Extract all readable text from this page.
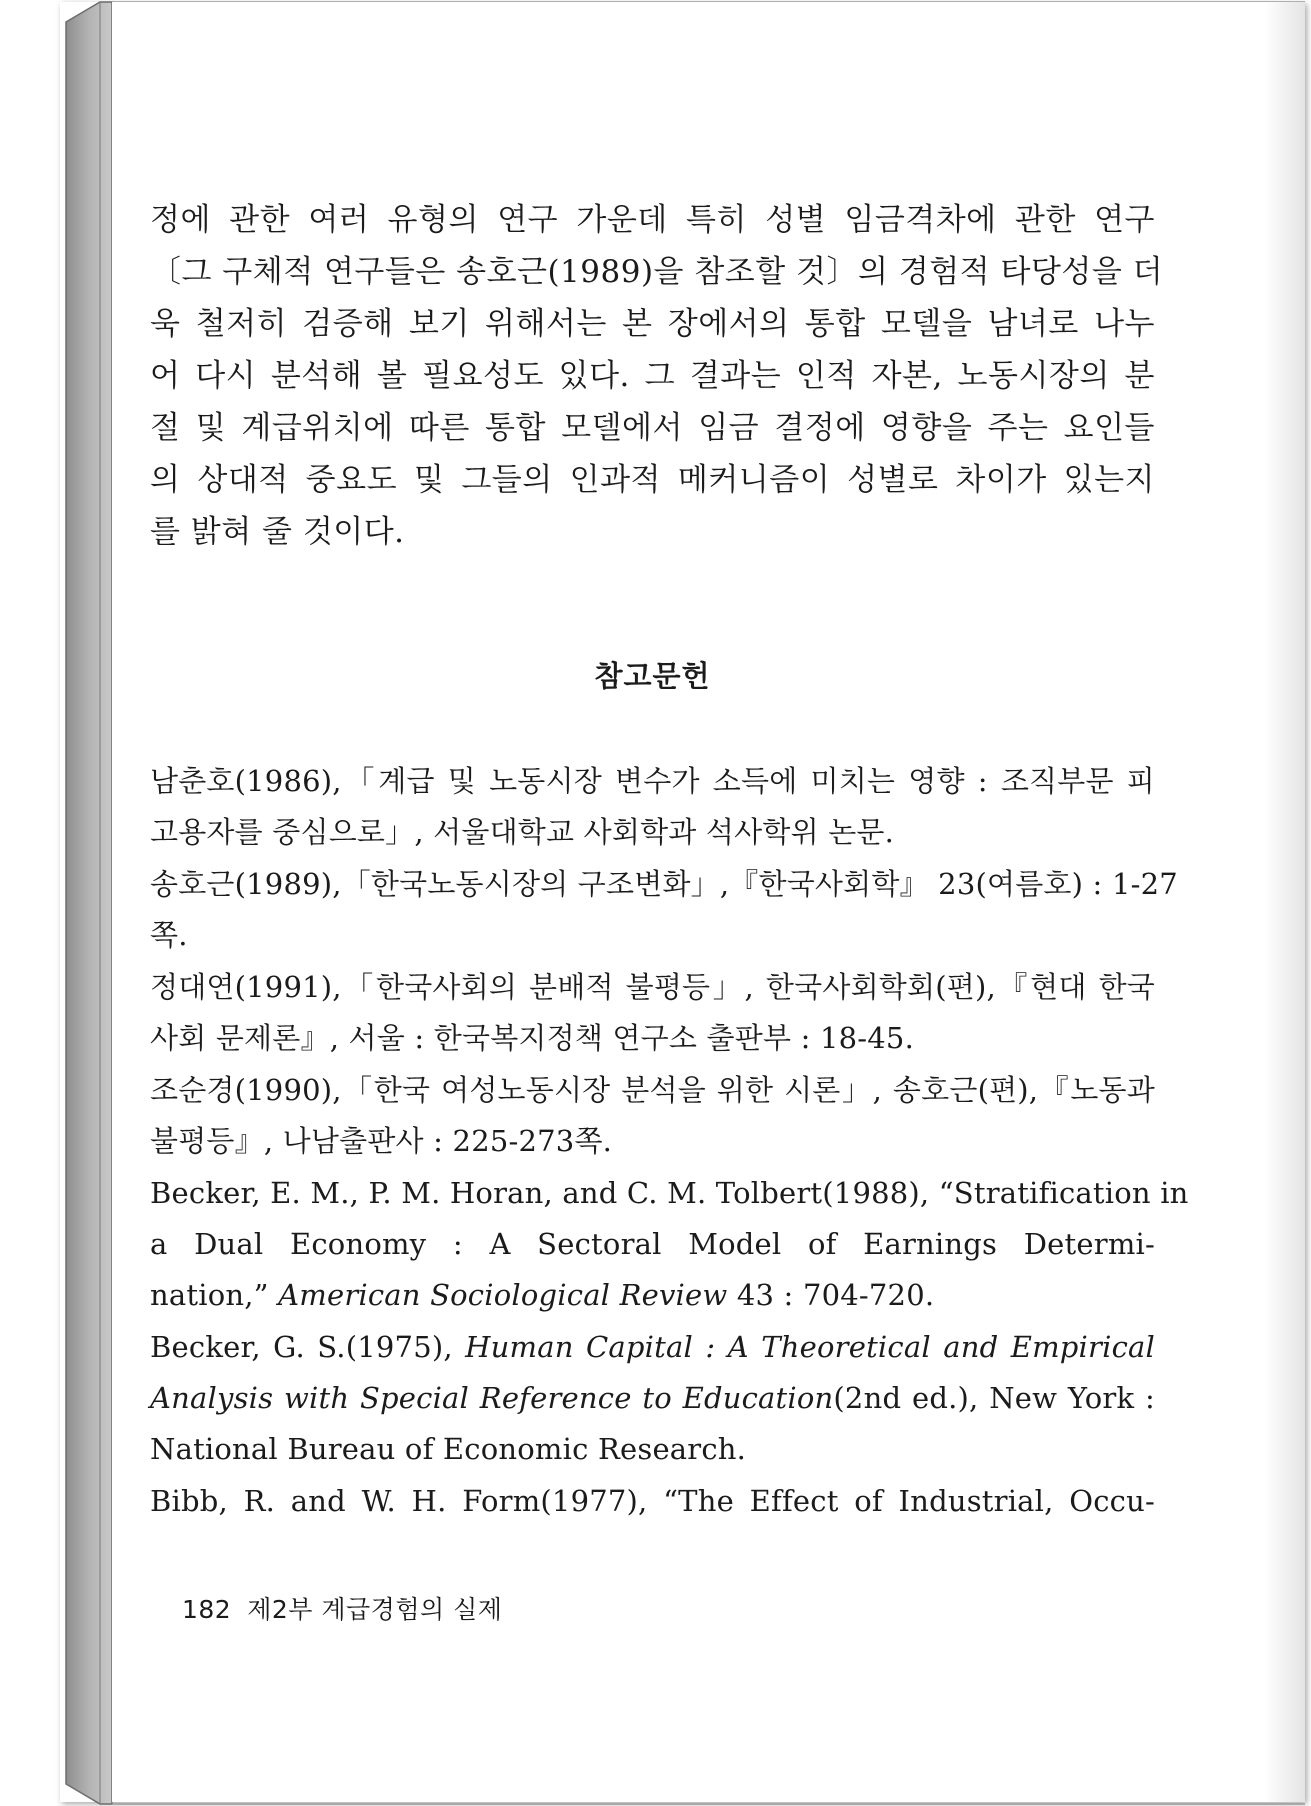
정에 관한 여러 유형의 연구 가운데 특히 성별 임금격차에 관한 연구
〔그 구체적 연구들은 송호근(1989)을 참조할 것〕의 경험적 타당성을 더
욱 철저히 검증해 보기 위해서는 본 장에서의 통합 모델을 남녀로 나누
어 다시 분석해 볼 필요성도 있다. 그 결과는 인적 자본, 노동시장의 분
절 및 계급위치에 따른 통합 모델에서 임금 결정에 영향을 주는 요인들
의 상대적 중요도 및 그들의 인과적 메커니즘이 성별로 차이가 있는지
를 밝혀 줄 것이다.

참고문헌
남춘호(1986),「계급 및 노동시장 변수가 소득에 미치는 영향 : 조직부문 피
고용자를 중심으로」, 서울대학교 사회학과 석사학위 논문.
송호근(1989),「한국노동시장의 구조변화」,『한국사회학』 23(여름호) : 1-27
쪽.
정대연(1991),「한국사회의 분배적 불평등」, 한국사회학회(편),『현대 한국
사회 문제론』, 서울 : 한국복지정책 연구소 출판부 : 18-45.
조순경(1990),「한국 여성노동시장 분석을 위한 시론」, 송호근(편),『노동과
불평등』, 나남출판사 : 225-273쪽.
Becker, E. M., P. M. Horan, and C. M. Tolbert(1988), “Stratification in
a Dual Economy : A Sectoral Model of Earnings Determi-
nation,” American Sociological Review 43 : 704-720.
Becker, G. S.(1975), Human Capital : A Theoretical and Empirical
Analysis with Special Reference to Education(2nd ed.), New York :
National Bureau of Economic Research.
Bibb, R. and W. H. Form(1977), “The Effect of Industrial, Occu-
182 제2부 계급경험의 실제
